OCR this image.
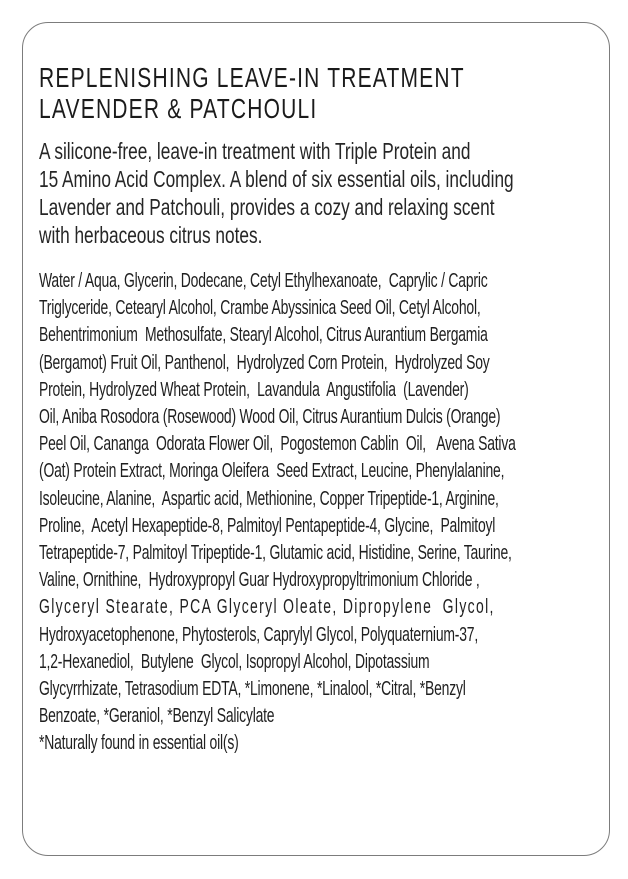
REPLENISHING LEAVE-IN TREATMENT
LAVENDER & PATCHOULI
A silicone-free, leave-in treatment with Triple Protein and
15 Amino Acid Complex. A blend of six essential oils, including
Lavender and Patchouli, provides a cozy and relaxing scent
with herbaceous citrus notes.
Water / Aqua, Glycerin, Dodecane, Cetyl Ethylhexanoate,  Caprylic / Capric
Triglyceride, Cetearyl Alcohol, Crambe Abyssinica Seed Oil, Cetyl Alcohol,
Behentrimonium  Methosulfate, Stearyl Alcohol, Citrus Aurantium Bergamia
(Bergamot) Fruit Oil, Panthenol,  Hydrolyzed Corn Protein,  Hydrolyzed Soy
Protein, Hydrolyzed Wheat Protein,  Lavandula  Angustifolia  (Lavender)
Oil, Aniba Rosodora (Rosewood) Wood Oil, Citrus Aurantium Dulcis (Orange)
Peel Oil, Cananga  Odorata Flower Oil,  Pogostemon Cablin  Oil,   Avena Sativa
(Oat) Protein Extract, Moringa Oleifera  Seed Extract, Leucine, Phenylalanine,
Isoleucine, Alanine,  Aspartic acid, Methionine, Copper Tripeptide-1, Arginine,
Proline,  Acetyl Hexapeptide-8, Palmitoyl Pentapeptide-4, Glycine,  Palmitoyl
Tetrapeptide-7, Palmitoyl Tripeptide-1, Glutamic acid, Histidine, Serine, Taurine,
Valine, Ornithine,  Hydroxypropyl Guar Hydroxypropyltrimonium Chloride ,
Glyceryl Stearate, PCA Glyceryl Oleate, Dipropylene  Glycol,
Hydroxyacetophenone, Phytosterols, Caprylyl Glycol, Polyquaternium-37,
1,2-Hexanediol,  Butylene  Glycol, Isopropyl Alcohol, Dipotassium
Glycyrrhizate, Tetrasodium EDTA, *Limonene, *Linalool, *Citral, *Benzyl
Benzoate, *Geraniol, *Benzyl Salicylate
*Naturally found in essential oil(s)
